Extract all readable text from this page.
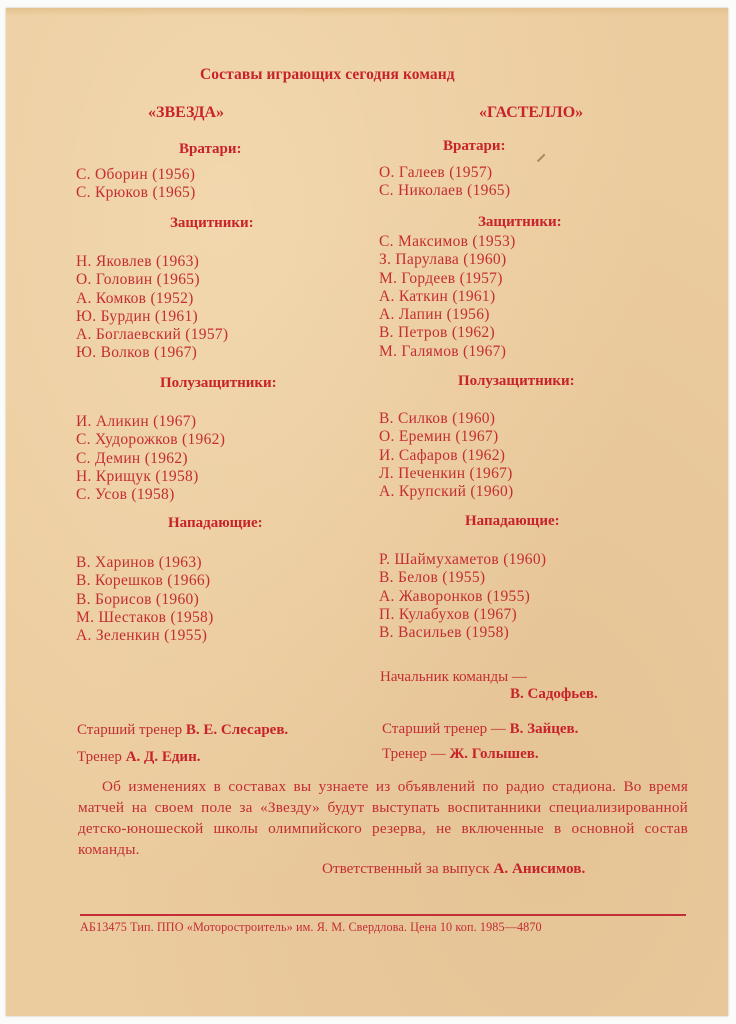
Составы играющих сегодня команд
«ЗВЕЗДА»	«ГАСТЕЛЛО»
Вратари:
С. Оборин (1956)
С. Крюков (1965)
Защитники:
Н. Яковлев (1963)
О. Головин (1965)
А. Комков (1952)
Ю. Бурдин (1961)
А. Боглаевский (1957)
Ю. Волков (1967)
Полузащитники:
И. Аликин (1967)
С. Худорожков (1962)
С. Демин (1962)
Н. Крищук (1958)
С. Усов (1958)
Нападающие:
В. Харинов (1963)
В. Корешков (1966)
В. Борисов (1960)
М. Шестаков (1958)
А. Зеленкин (1955)
Вратари:
О. Галеев (1957)
С. Николаев (1965)
Защитники:
С. Максимов (1953)
З. Парулава (1960)
М. Гордеев (1957)
А. Каткин (1961)
А. Лапин (1956)
В. Петров (1962)
М. Галямов (1967)
Полузащитники:
В. Силков (1960)
О. Еремин (1967)
И. Сафаров (1962)
Л. Печенкин (1967)
А. Крупский (1960)
Нападающие:
Р. Шаймухаметов (1960)
В. Белов (1955)
А. Жаворонков (1955)
П. Кулабухов (1967)
В. Васильев (1958)
Начальник команды —
В. Садофьев.
Старший тренер В. Е. Слесарев.
Тренер А. Д. Един.
Старший тренер — В. Зайцев.
Тренер — Ж. Голышев.
Об изменениях в составах вы узнаете из объявлений по радио стадиона. Во время матчей на своем поле за «Звезду» будут выступать воспитанники специализированной детско-юношеской школы олимпийского резерва, не включенные в основной состав команды.
Ответственный за выпуск А. Анисимов.
АБ13475 Тип. ППО «Моторостроитель» им. Я. М. Свердлова. Цена 10 коп. 1985—4870
